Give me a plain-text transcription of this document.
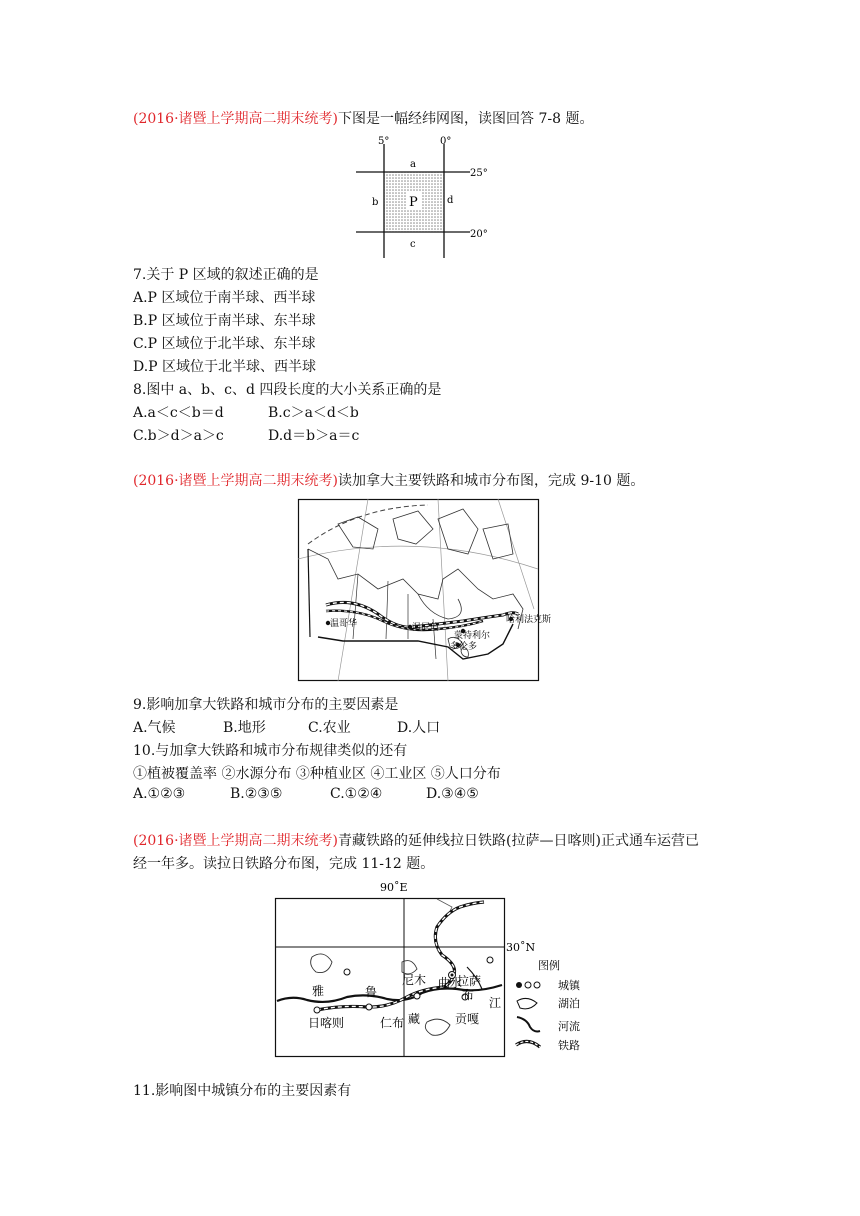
(2016·诸暨上学期高二期末统考)下图是一幅经纬网图，读图回答 7-8 题。
5°	0°
25°
20°
a
b
c
d
P
7.关于 P 区域的叙述正确的是
A.P 区域位于南半球、西半球
B.P 区域位于南半球、东半球
C.P 区域位于北半球、东半球
D.P 区域位于北半球、西半球
8.图中 a、b、c、d 四段长度的大小关系正确的是
A.a＜c＜b＝d	B.c＞a＜d＜b
C.b＞d＞a＞c	D.d＝b＞a＝c
(2016·诸暨上学期高二期末统考)读加拿大主要铁路和城市分布图，完成 9-10 题。
温哥华	温尼伯
蒙特利尔
多伦多
哈利法克斯
9.影响加拿大铁路和城市分布的主要因素是
A.气候	B.地形	C.农业	D.人口
10.与加拿大铁路和城市分布规律类似的还有
①植被覆盖率 ②水源分布 ③种植业区 ④工业区 ⑤人口分布
A.①②③	B.②③⑤	C.①②④	D.③④⑤
(2016·诸暨上学期高二期末统考)青藏铁路的延伸线拉日铁路(拉萨—日喀则)正式通车运营已
经一年多。读拉日铁路分布图，完成 11-12 题。
90˚E
30˚N
雅	鲁
尼木 曲水
拉萨
布
日喀则	仁布 藏	贡嘎
江
图例
城镇
湖泊
河流
铁路
11.影响图中城镇分布的主要因素有
